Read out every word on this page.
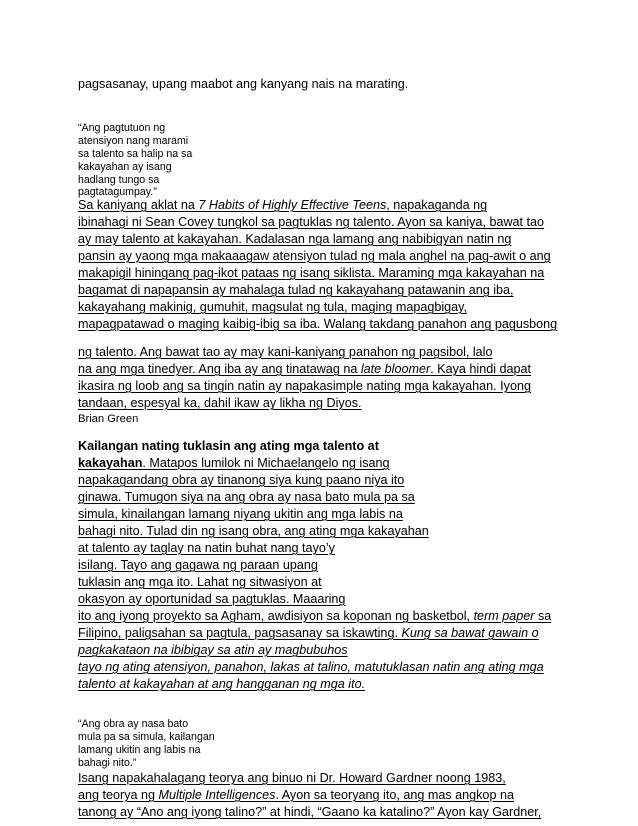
pagsasanay, upang maabot ang kanyang nais na marating.
“Ang pagtutuon ng
atensiyon nang marami
sa talento sa halip na sa
kakayahan ay isang
hadlang tungo sa
pagtatagumpay.”
Sa kaniyang aklat na 7 Habits of Highly Effective Teens, napakaganda ng
ibinahagi ni Sean Covey tungkol sa pagtuklas ng talento. Ayon sa kaniya, bawat tao
ay may talento at kakayahan. Kadalasan nga lamang ang nabibigyan natin ng
pansin ay yaong mga makaaagaw atensiyon tulad ng mala anghel na pag-awit o ang
makapigil hiningang pag-ikot pataas ng isang siklista. Maraming mga kakayahan na
bagamat di napapansin ay mahalaga tulad ng kakayahang patawanin ang iba,
kakayahang makinig, gumuhit, magsulat ng tula, maging mapagbigay,
mapagpatawad o maging kaibig-ibig sa iba. Walang takdang panahon ang pagusbong
ng talento. Ang bawat tao ay may kani-kaniyang panahon ng pagsibol, lalo
na ang mga tinedyer. Ang iba ay ang tinatawag na late bloomer. Kaya hindi dapat
ikasira ng loob ang sa tingin natin ay napakasimple nating mga kakayahan. Iyong
tandaan, espesyal ka, dahil ikaw ay likha ng Diyos.
Brian Green
Kailangan nating tuklasin ang ating mga talento at
kakayahan. Matapos lumilok ni Michaelangelo ng isang
napakagandang obra ay tinanong siya kung paano niya ito
ginawa. Tumugon siya na ang obra ay nasa bato mula pa sa
simula, kinailangan lamang niyang ukitin ang mga labis na
bahagi nito. Tulad din ng isang obra, ang ating mga kakayahan
at talento ay taglay na natin buhat nang tayo’y
isilang. Tayo ang gagawa ng paraan upang
tuklasin ang mga ito. Lahat ng sitwasiyon at
okasyon ay oportunidad sa pagtuklas. Maaaring
ito ang iyong proyekto sa Agham, awdisiyon sa koponan ng basketbol, term paper sa
Filipino, paligsahan sa pagtula, pagsasanay sa iskawting. Kung sa bawat gawain o
pagkakataon na ibibigay sa atin ay magbubuhos
tayo ng ating atensiyon, panahon, lakas at talino, matutuklasan natin ang ating mga
talento at kakayahan at ang hangganan ng mga ito.
“Ang obra ay nasa bato
mula pa sa simula, kailangan
lamang ukitin ang labis na
bahagi nito.”
Isang napakahalagang teorya ang binuo ni Dr. Howard Gardner noong 1983,
ang teorya ng Multiple Intelligences. Ayon sa teoryang ito, ang mas angkop na
tanong ay “Ano ang iyong talino?” at hindi, “Gaano ka katalino?” Ayon kay Gardner,
